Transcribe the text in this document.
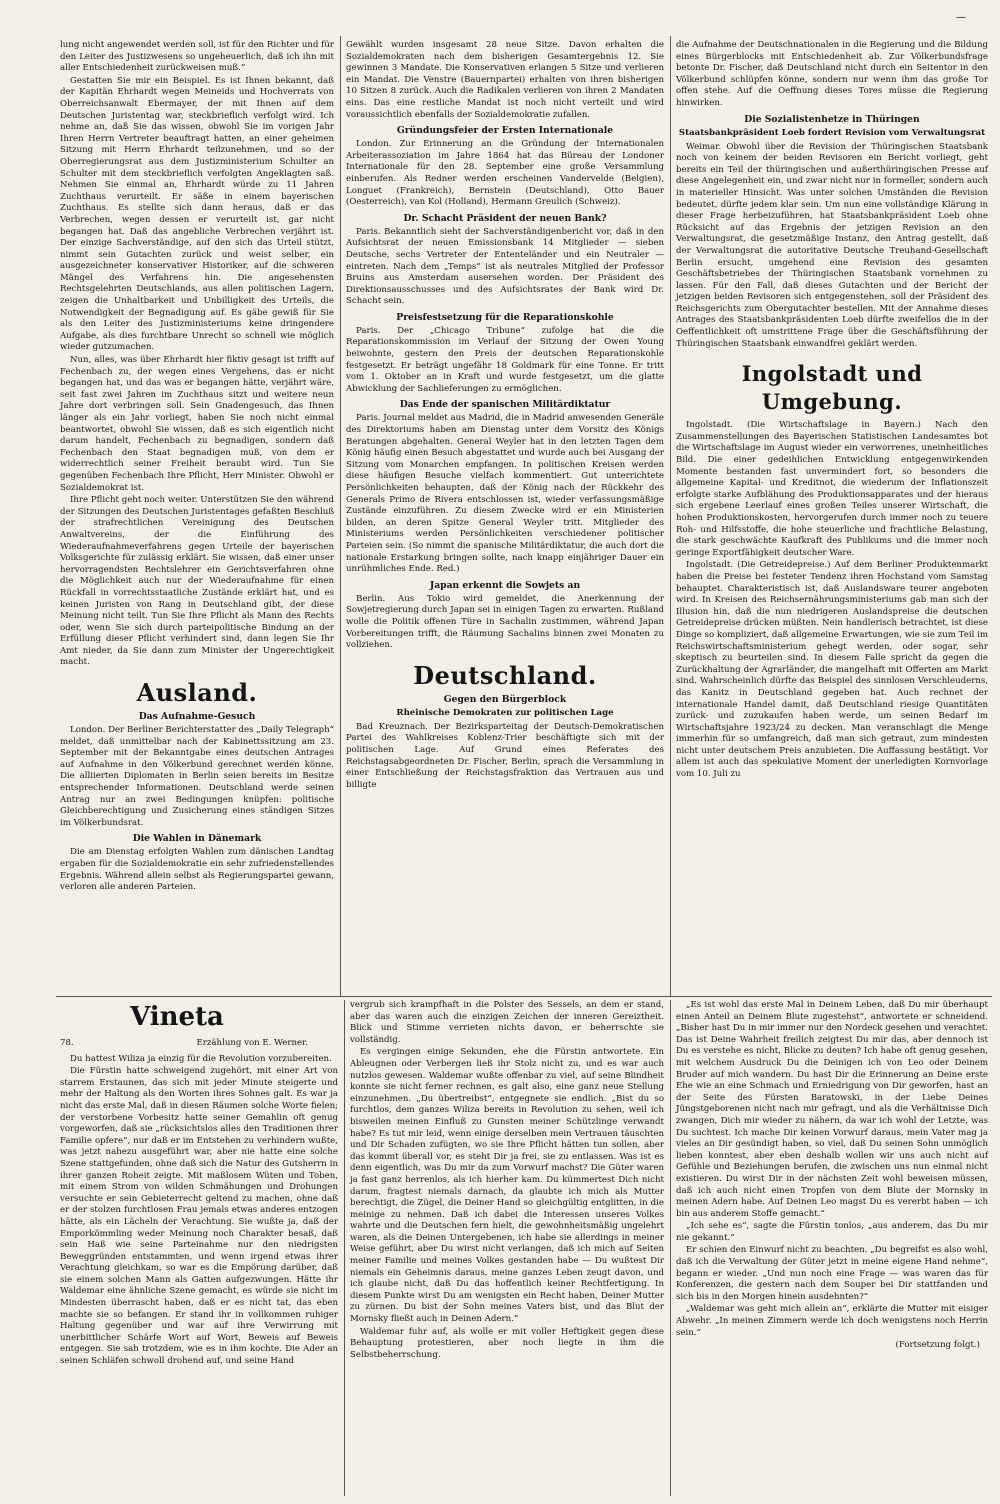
—

lung nicht angewendet werden soll, ist für den Richter und für den Leiter des Justizwesens so ungeheuerlich, daß ich ihn mit aller Entschiedenheit zurückweisen muß.“

Gestatten Sie mir ein Beispiel. Es ist Ihnen bekannt, daß der Kapitän Ehrhardt wegen Meineids und Hochverrats von Oberreichsanwalt Ebermayer, der mit Ihnen auf dem Deutschen Juristentag war, steckbrieflich verfolgt wird. Ich nehme an, daß Sie das wissen, obwohl Sie im vorigen Jahr Ihren Herrn Vertreter beauftragt hatten, an einer geheimen Sitzung mit Herrn Ehrhardt teilzunehmen, und so der Oberregierungsrat aus dem Justizministerium Schulter an Schulter mit dem steckbrieflich verfolgten Angeklagten saß. Nehmen Sie einmal an, Ehrhardt würde zu 11 Jahren Zuchthaus verurteilt. Er säße in einem bayerischen Zuchthaus. Es stellte sich dann heraus, daß er das Verbrechen, wegen dessen er verurteilt ist, gar nicht begangen hat. Daß das angebliche Verbrechen verjährt ist. Der einzige Sachverständige, auf den sich das Urteil stützt, nimmt sein Gutachten zurück und weist selber, ein ausgezeichneter konservativer Historiker, auf die schweren Mängel des Verfahrens hin. Die angesehensten Rechtsgelehrten Deutschlands, aus allen politischen Lagern, zeigen die Unhaltbarkeit und Unbilligkeit des Urteils, die Notwendigkeit der Begnadigung auf. Es gäbe gewiß für Sie als den Leiter des Justizministeriums keine dringendere Aufgabe, als dies furchtbare Unrecht so schnell wie möglich wieder gutzumachen.

Nun, alles, was über Ehrhardt hier fiktiv gesagt ist trifft auf Fechenbach zu, der wegen eines Vergehens, das er nicht begangen hat, und das was er begangen hätte, verjährt wäre, seit fast zwei Jahren im Zuchthaus sitzt und weitere neun Jahre dort verbringen soll. Sein Gnadengesuch, das Ihnen länger als ein Jahr vorliegt, haben Sie noch nicht einmal beantwortet, obwohl Sie wissen, daß es sich eigentlich nicht darum handelt, Fechenbach zu begnadigen, sondern daß Fechenbach den Staat begnadigen muß, von dem er widerrechtlich seiner Freiheit beraubt wird. Tun Sie gegenüben Fechenbach Ihre Pflicht, Herr Minister. Obwohl er Sozialdemokrat ist.

Ihre Pflicht geht noch weiter. Unterstützen Sie den während der Sitzungen des Deutschen Juristentages gefaßten Beschluß der strafrechtlichen Vereinigung des Deutschen Anwaltvereins, der die Einführung des Wiederaufnahmeverfahrens gegen Urteile der bayerischen Volksgerichte für zulässig erklärt. Sie wissen, daß einer unser hervorragendsten Rechtslehrer ein Gerichtsverfahren ohne die Möglichkeit auch nur der Wiederaufnahme für einen Rückfall in vorrechtsstaatliche Zustände erklärt hat, und es keinen Juristen von Rang in Deutschland gibt, der diese Meinung nicht teilt. Tun Sie Ihre Pflicht als Mann des Rechts oder, wenn Sie sich durch parteipolitische Bindung an der Erfüllung dieser Pflicht verhindert sind, dann legen Sie Ihr Amt nieder, da Sie dann zum Minister der Ungerechtigkeit macht.

Ausland.
Das Aufnahme-Gesuch

London. Der Berliner Berichterstatter des „Daily Telegraph“ meldet, daß unmittelbar nach der Kabinettssitzung am 23. September mit der Bekanntgabe eines deutschen Antrages auf Aufnahme in den Völkerbund gerechnet werden könne. Die alliierten Diplomaten in Berlin seien bereits im Besitze entsprechender Informationen. Deutschland werde seinen Antrag nur an zwei Bedingungen knüpfen: politische Gleichberechtigung und Zusicherung eines ständigen Sitzes im Völkerbundsrat.

Die Wahlen in Dänemark

Die am Dienstag erfolgten Wahlen zum dänischen Landtag ergaben für die Sozialdemokratie ein sehr zufriedenstellendes Ergebnis. Während allein selbst als Regierungspartei gewann, verloren alle anderen Parteien.

Gewählt wurden insgesamt 28 neue Sitze. Davon erhalten die Sozialdemokraten nach dem bisherigen Gesamtergebnis 12. Sie gewinnen 3 Mandate. Die Konservativen erlangen 5 Sitze und verlieren ein Mandat. Die Venstre (Bauernpartei) erhalten von ihren bisherigen 10 Sitzen 8 zurück. Auch die Radikalen verlieren von ihren 2 Mandaten eins. Das eine restliche Mandat ist noch nicht verteilt und wird voraussichtlich ebenfalls der Sozialdemokratie zufallen.

Gründungsfeier der Ersten Internationale

London. Zur Erinnerung an die Gründung der Internationalen Arbeiterassoziation im Jahre 1864 hat das Büreau der Londoner Internationale für den 28. September eine große Versammlung einberufen. Als Redner werden erscheinen Vandervelde (Belgien), Longuet (Frankreich), Bernstein (Deutschland), Otto Bauer (Oesterreich), van Kol (Holland), Hermann Greulich (Schweiz).

Dr. Schacht Präsident der neuen Bank?

Paris. Bekanntlich sieht der Sachverständigenbericht vor, daß in den Aufsichtsrat der neuen Emissionsbank 14 Mitglieder — sieben Deutsche, sechs Vertreter der Ententeländer und ein Neutraler — eintreten. Nach dem „Temps“ ist als neutrales Mitglied der Professor Bruins aus Amsterdam ausersehen worden. Der Präsident des Direktionsausschusses und des Aufsichtsrates der Bank wird Dr. Schacht sein.

Preisfestsetzung für die Reparationskohle

Paris. Der „Chicago Tribune“ zufolge hat die die Reparationskommission im Verlauf der Sitzung der Owen Young beiwohnte, gestern den Preis der deutschen Reparationskohle festgesetzt. Er beträgt ungefähr 18 Goldmark für eine Tonne. Er tritt vom 1. Oktober an in Kraft und wurde festgesetzt, um die glatte Abwicklung der Sachlieferungen zu ermöglichen.

Das Ende der spanischen Militärdiktatur

Paris. Journal meldet aus Madrid, die in Madrid anwesenden Generäle des Direktoriums haben am Dienstag unter dem Vorsitz des Königs Beratungen abgehalten. General Weyler hat in den letzten Tagen dem König häufig einen Besuch abgestattet und wurde auch bei Ausgang der Sitzung vom Monarchen empfangen. In politischen Kreisen werden diese häufigen Besuche vielfach kommentiert. Gut unterrichtete Persönlichkeiten behaupten, daß der König nach der Rückkehr des Generals Primo de Rivera entschlossen ist, wieder verfassungsmäßige Zustände einzuführen. Zu diesem Zwecke wird er ein Ministerien bilden, an deren Spitze General Weyler tritt. Mitglieder des Ministeriums werden Persönlichkeiten verschiedener politischer Parteien sein. (So nimmt die spanische Militärdiktatur, die auch dort die nationale Erstarkung bringen sollte, nach knapp einjähriger Dauer ein unrühmliches Ende. Red.)

Japan erkennt die Sowjets an

Berlin. Aus Tokio wird gemeldet, die Anerkennung der Sowjetregierung durch Japan sei in einigen Tagen zu erwarten. Rußland wolle die Politik offenen Türe in Sachalin zustimmen, während Japan Vorbereitungen trifft, die Räumung Sachalins binnen zwei Monaten zu vollziehen.

Deutschland.
Gegen den Bürgerblock
Rheinische Demokraten zur politischen Lage

Bad Kreuznach. Der Bezirksparteitag der Deutsch-Demokratischen Partei des Wahlkreises Koblenz-Trier beschäftigte sich mit der politischen Lage. Auf Grund eines Referates des Reichstagsabgeordneten Dr. Fischer, Berlin, sprach die Versammlung in einer Entschließung der Reichstagsfraktion das Vertrauen aus und billigte

die Aufnahme der Deutschnationalen in die Regierung und die Bildung eines Bürgerblocks mit Entschiedenheit ab. Zur Völkerbundsfrage betonte Dr. Fischer, daß Deutschland nicht durch ein Seitentor in den Völkerbund schlüpfen könne, sondern nur wenn ihm das große Tor offen stehe. Auf die Oeffnung dieses Tores müsse die Regierung hinwirken.

Die Sozialistenhetze in Thüringen
Staatsbankpräsident Loeb fordert Revision vom Verwaltungsrat

Weimar. Obwohl über die Revision der Thüringischen Staatsbank noch von keinem der beiden Revisoren ein Bericht vorliegt, geht bereits ein Teil der thüringischen und außerthüringischen Presse auf diese Angelegenheit ein, und zwar nicht nur in formeller, sondern auch in materieller Hinsicht. Was unter solchen Umständen die Revision bedeutet, dürfte jedem klar sein. Um nun eine vollständige Klärung in dieser Frage herbeizuführen, hat Staatsbankpräsident Loeb ohne Rücksicht auf das Ergebnis der jetzigen Revision an den Verwaltungsrat, die gesetzmäßige Instanz, den Antrag gestellt, daß der Verwaltungsrat die autoritative Deutsche Treuhand-Gesellschaft Berlin ersucht, umgehend eine Revision des gesamten Geschäftsbetriebes der Thüringischen Staatsbank vornehmen zu lassen. Für den Fall, daß dieses Gutachten und der Bericht der jetzigen beiden Revisoren sich entgegenstehen, soll der Präsident des Reichsgerichts zum Obergutachter bestellen. Mit der Annahme dieses Antrages des Staatsbankpräsidenten Loeb dürfte zweifellos die in der Oeffentlichkeit oft umstrittene Frage über die Geschäftsführung der Thüringischen Staatsbank einwandfrei geklärt werden.

Ingolstadt und Umgebung.

Ingolstadt. (Die Wirtschaftslage in Bayern.) Nach den Zusammenstellungen des Bayerischen Statistischen Landesamtes bot die Wirtschaftslage im August wieder ein verworrenes, uneinheitliches Bild. Die einer gedeihlichen Entwicklung entgegenwirkenden Momente bestanden fast unvermindert fort, so besonders die allgemeine Kapital- und Kreditnot, die wiederum der Inflationszeit erfolgte starke Aufblähung des Produktionsapparates und der hieraus sich ergebene Leerlauf eines großen Teiles unserer Wirtschaft, die hohen Produktionskosten, hervorgerufen durch immer noch zu teuere Roh- und Hilfsstoffe, die hohe steuerliche und frachtliche Belastung, die stark geschwächte Kaufkraft des Publikums und die immer noch geringe Exportfähigkeit deutscher Ware.

Ingolstadt. (Die Getreidepreise.) Auf dem Berliner Produktenmarkt haben die Preise bei festeter Tendenz ihren Hochstand vom Samstag behauptet. Charakteristisch ist, daß Auslandsware teurer angeboten wird. In Kreisen des Reichsernährungsministeriums gab man sich der Illusion hin, daß die nun niedrigeren Auslandspreise die deutschen Getreidepreise drücken müßten. Nein handlerisch betrachtet, ist diese Dinge so kompliziert, daß allgemeine Erwartungen, wie sie zum Teil im Reichswirtschaftsministerium gehegt werden, oder sogar, sehr skeptisch zu beurteilen sind. In diesem Falle spricht da gegen die Zurückhaltung der Agrarländer, die mangelhaft mit Offerten am Markt sind. Wahrscheinlich dürfte das Beispiel des sinnlosen Verschleuderns, das Kanitz in Deutschland gegeben hat. Auch rechnet der internationale Handel damit, daß Deutschland riesige Quantitäten zurück- und zuzukaufen haben werde, um seinen Bedarf im Wirtschaftsjahre 1923/24 zu decken. Man veranschlagt die Menge immerhin für so umfangreich, daß man sich getraut, zum mindesten nicht unter deutschem Preis anzubieten. Die Auffassung bestätigt. Vor allem ist auch das spekulative Moment der unerledigten Kornvorlage vom 10. Juli zu

Vineta
78.	Erzählung von E. Werner.

Du hattest Wiliza ja einzig für die Revolution vorzubereiten.

Die Fürstin hatte schweigend zugehört, mit einer Art von starrem Erstaunen, das sich mit jeder Minute steigerte und mehr der Haltung als den Worten ihres Sohnes galt. Es war ja nicht das erste Mal, daß in diesen Räumen solche Worte fielen; der verstorbene Vorbesitz hatte seiner Gemahlin oft genug vorgeworfen, daß sie „rücksichtslos alles den Traditionen ihrer Familie opfere“, nur daß er im Entstehen zu verhindern wußte, was jetzt nahezu ausgeführt war, aber nie hatte eine solche Szene stattgefunden, ohne daß sich die Natur des Gutsherrn in ihrer ganzen Roheit zeigte. Mit maßlosem Wüten und Toben, mit einem Strom von wilden Schmähungen und Drohungen versuchte er sein Gebieterrecht geltend zu machen, ohne daß er der stolzen furchtlosen Frau jemals etwas anderes entzogen hätte, als ein Lächeln der Verachtung. Sie wußte ja, daß der Emporkömmling weder Meinung noch Charakter besaß, daß sein Haß wie seine Parteinahme nur den niedrigsten Beweggründen entstammten, und wenn irgend etwas ihrer Verachtung gleichkam, so war es die Empörung darüber, daß sie einem solchen Mann als Gatten aufgezwungen. Hätte ihr Waldemar eine ähnliche Szene gemacht, es würde sie nicht im Mindesten überrascht haben, daß er es nicht tat, das eben machte sie so befangen. Er stand ihr in vollkommen ruhiger Haltung gegenüber und war auf ihre Verwirrung mit unerbittlicher Schärfe Wort auf Wort, Beweis auf Beweis entgegen. Sie sah trotzdem, wie es in ihm kochte. Die Ader an seinen Schläfen schwoll drohend auf, und seine Hand

vergrub sich krampfhaft in die Polster des Sessels, an dem er stand, aber das waren auch die einzigen Zeichen der inneren Gereiztheit. Blick und Stimme verrieten nichts davon, er beherrschte sie vollständig.

Es vergingen einige Sekunden, ehe die Fürstin antwortete. Ein Ableugnen oder Verbergen ließ ihr Stolz nicht zu, und es war auch nutzlos gewesen. Waldemar wußte offenbar zu viel, auf seine Blindheit konnte sie nicht ferner rechnen, es galt also, eine ganz neue Stellung einzunehmen. „Du übertreibst“, entgegnete sie endlich. „Bist du so furchtlos, dem ganzes Wiliza bereits in Revolution zu sehen, weil ich bisweilen meinen Einfluß zu Gunsten meiner Schützlinge verwandt habe? Es tut mir leid, wenn einige derselben mein Vertrauen täuschten und Dir Schaden zufügten, wo sie Ihre Pflicht hätten tun sollen, aber das kommt überall vor, es steht Dir ja frei, sie zu entlassen. Was ist es denn eigentlich, was Du mir da zum Vorwurf machst? Die Güter waren ja fast ganz herrenlos, als ich hierher kam. Du kümmertest Dich nicht darum, fragtest niemals darnach, da glaubte ich mich als Mutter berechtigt, die Zügel, die Deiner Hand so gleichgültig entglitten, in die meinige zu nehmen. Daß ich dabei die Interessen unseres Volkes wahrte und die Deutschen fern hielt, die gewohnheitsmäßig ungelehrt waren, als die Deinen Untergebenen, ich habe sie allerdings in meiner Weise geführt, aber Du wirst nicht verlangen, daß ich mich auf Seiten meiner Familie und meines Volkes gestanden habe — Du wußtest Dir niemals ein Geheimnis daraus, meine ganzes Leben zeugt davon, und ich glaube nicht, daß Du das hoffentlich keiner Rechtfertigung. In diesem Punkte wirst Du am wenigsten ein Recht haben, Deiner Mutter zu zürnen. Du bist der Sohn meines Vaters bist, und das Blut der Mornsky fließt auch in Deinen Adern.“

Waldemar fuhr auf, als wolle er mit voller Heftigkeit gegen diese Behauptung protestieren, aber noch liegte in ihm die Selbstbeherrschung.

„Es ist wohl das erste Mal in Deinem Leben, daß Du mir überhaupt einen Anteil an Deinem Blute zugestehst“, antwortete er schneidend. „Bisher hast Du in mir immer nur den Nordeck gesehen und verachtet. Das ist Deine Wahrheit freilich zeigtest Du mir das, aber dennoch ist Du es verstehe es nicht, Blicke zu deuten? Ich habe oft genug gesehen, mit welchem Ausdruck Du die Deinigen ich von Leo oder Deinem Bruder auf mich wandern. Du hast Dir die Erinnerung an Deine erste Ehe wie an eine Schmach und Erniedrigung von Dir geworfen, hast an der Seite des Fürsten Baratowski, in der Liebe Deines Jüngstgeborenen nicht nach mir gefragt, und als die Verhältnisse Dich zwangen, Dich mir wieder zu nähern, da war ich wohl der Letzte, was Du suchtest. Ich mache Dir keinen Vorwurf daraus, mein Vater mag ja vieles an Dir gesündigt haben, so viel, daß Du seinen Sohn unmöglich lieben konntest, aber eben deshalb wollen wir uns auch nicht auf Gefühle und Beziehungen berufen, die zwischen uns nun einmal nicht existieren. Du wirst Dir in der nächsten Zeit wohl beweisen müssen, daß ich auch nicht einen Tropfen von dem Blute der Mornsky in meinen Adern habe. Auf Deinen Leo magst Du es vererbt haben — ich bin aus anderem Stoffe gemacht.“

„Ich sehe es“, sagte die Fürstin tonlos, „aus anderem, das Du mir nie gekannt.“

Er schien den Einwurf nicht zu beachten. „Du begreifst es also wohl, daß ich die Verwaltung der Güter jetzt in meine eigene Hand nehme“, begann er wieder. „Und nun noch eine Frage — was waren das für Konferenzen, die gestern nach dem Souper bei Dir stattfanden und sich bis in den Morgen hinein ausdehnten?“

„Waldemar was geht mich allein an“, erklärte die Mutter mit eisiger Abwehr. „In meinen Zimmern werde ich doch wenigstens noch Herrin sein.“

(Fortsetzung folgt.)
